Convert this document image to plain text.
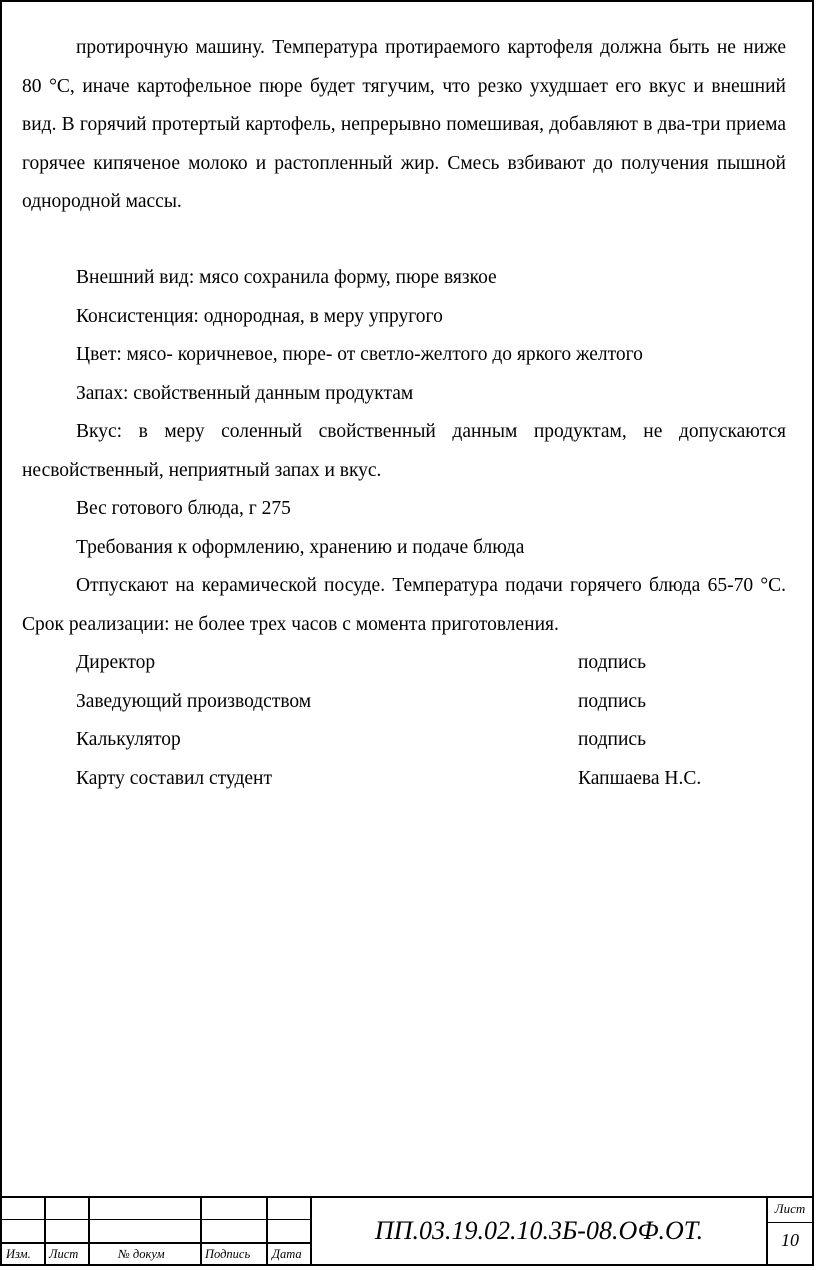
протирочную машину. Температура протираемого картофеля должна быть не ниже 80 °С, иначе картофельное пюре будет тягучим, что резко ухудшает его вкус и внешний вид. В горячий протертый картофель, непрерывно помешивая, добавляют в два-три приема горячее кипяченое молоко и растопленный жир. Смесь взбивают до получения пышной однородной массы.

Внешний вид: мясо сохранила форму, пюре вязкое

Консистенция: однородная, в меру упругого

Цвет: мясо- коричневое, пюре- от светло-желтого до яркого желтого

Запах: свойственный данным продуктам

Вкус: в меру соленный свойственный данным продуктам, не допускаются несвойственный, неприятный запах и вкус.

Вес готового блюда, г 275

Требования к оформлению, хранению и подаче блюда

Отпускают на керамической посуде. Температура подачи горячего блюда 65-70 °С. Срок реализации: не более трех часов с момента приготовления.

Директор	подпись
Заведующий производством	подпись
Калькулятор	подпись
Карту составил студент	Капшаева Н.С.
Изм. Лист	№ докум	Подпись Дата
ПП.03.19.02.10.3Б-08.ОФ.ОТ.
Лист
10
